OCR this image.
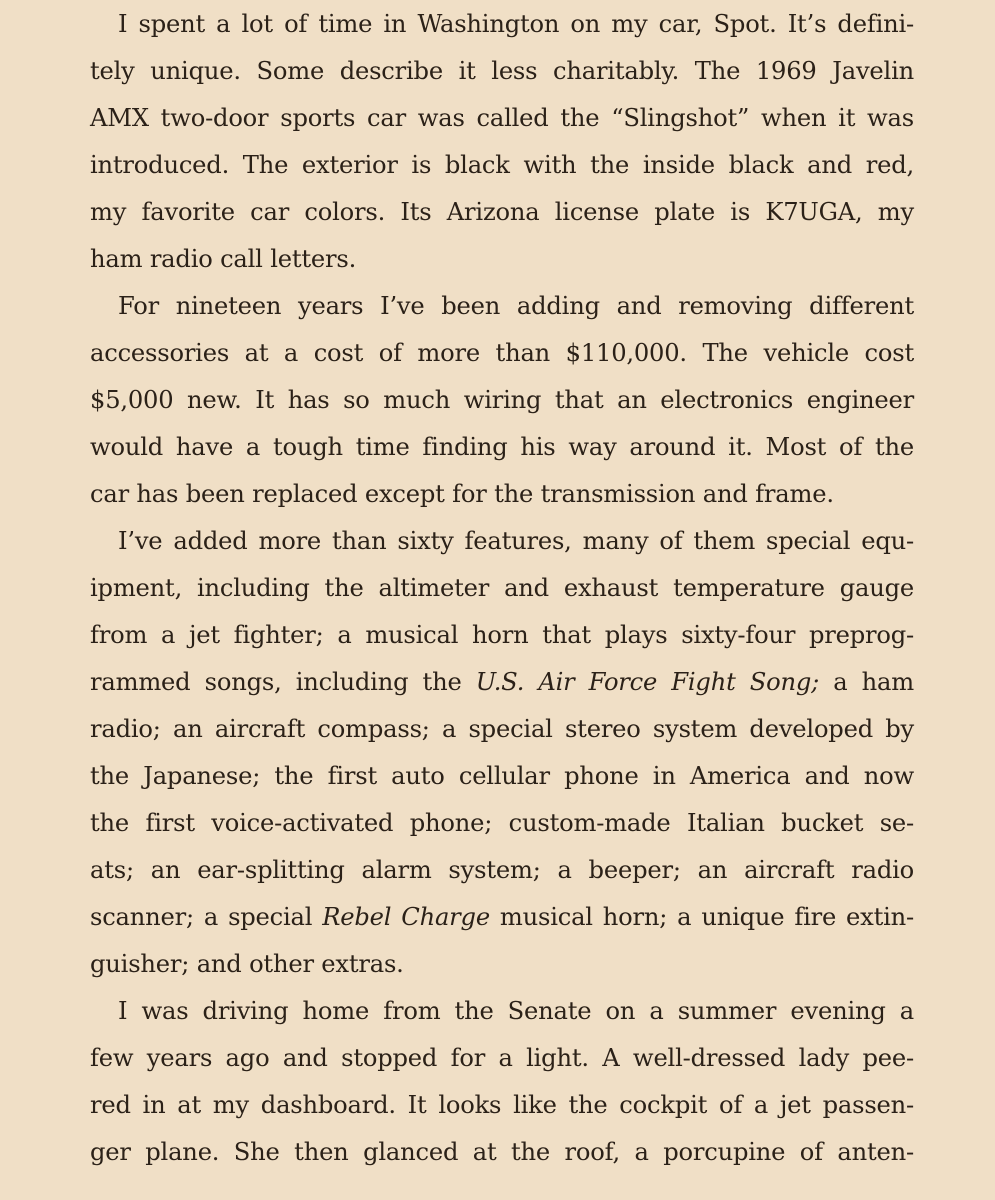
I spent a lot of time in Washington on my car, Spot. It’s defini-
tely unique. Some describe it less charitably. The 1969 Javelin
AMX two-door sports car was called the “Slingshot” when it was
introduced. The exterior is black with the inside black and red,
my favorite car colors. Its Arizona license plate is K7UGA, my
ham radio call letters.
For nineteen years I’ve been adding and removing different
accessories at a cost of more than $110,000. The vehicle cost
$5,000 new. It has so much wiring that an electronics engineer
would have a tough time finding his way around it. Most of the
car has been replaced except for the transmission and frame.
I’ve added more than sixty features, many of them special equ-
ipment, including the altimeter and exhaust temperature gauge
from a jet fighter; a musical horn that plays sixty-four preprog-
rammed songs, including the U.S. Air Force Fight Song; a ham
radio; an aircraft compass; a special stereo system developed by
the Japanese; the first auto cellular phone in America and now
the first voice-activated phone; custom-made Italian bucket se-
ats; an ear-splitting alarm system; a beeper; an aircraft radio
scanner; a special Rebel Charge musical horn; a unique fire extin-
guisher; and other extras.
I was driving home from the Senate on a summer evening a
few years ago and stopped for a light. A well-dressed lady pee-
red in at my dashboard. It looks like the cockpit of a jet passen-
ger plane. She then glanced at the roof, a porcupine of anten-
